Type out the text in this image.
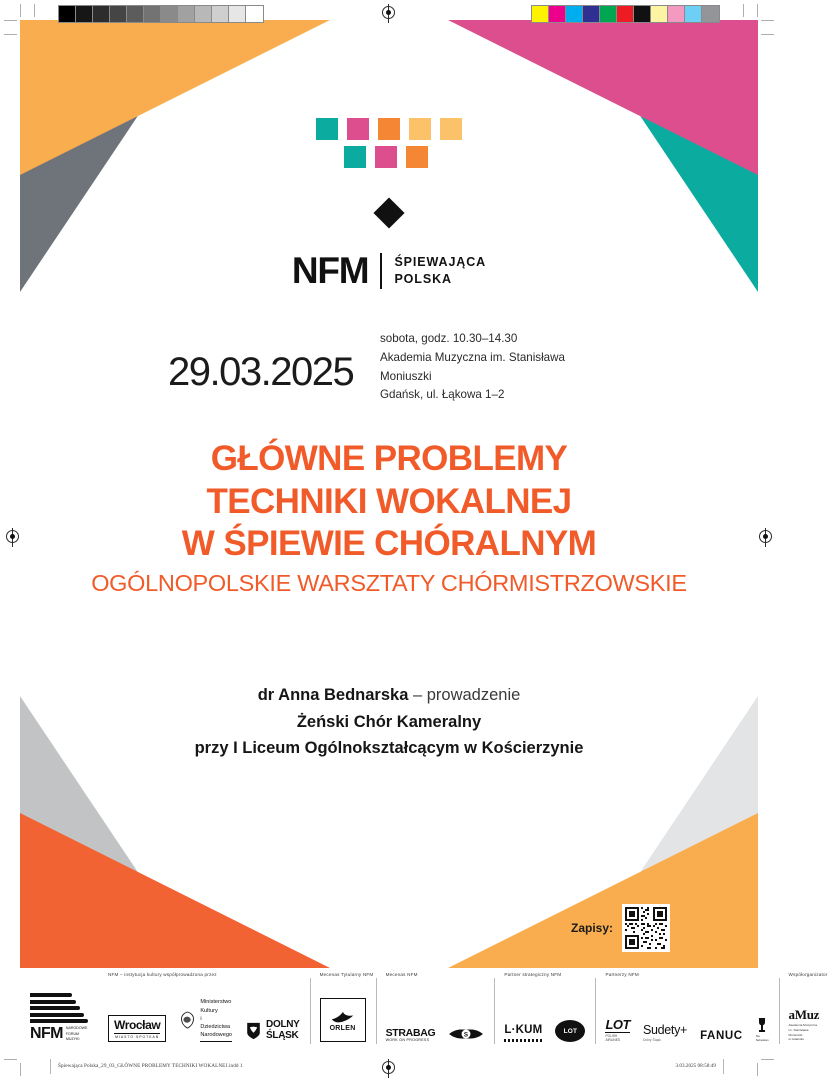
NFM ŚPIEWAJĄCA
POLSKA
29.03.2025
sobota, godz. 10.30–14.30
Akademia Muzyczna im. Stanisława Moniuszki
Gdańsk, ul. Łąkowa 1–2
GŁÓWNE PROBLEMY
TECHNIKI WOKALNEJ
W ŚPIEWIE CHÓRALNYM
OGÓLNOPOLSKIE WARSZTATY CHÓRMISTRZOWSKIE
dr Anna Bednarska – prowadzenie
Żeński Chór Kameralny
przy I Liceum Ogólnokształcącym w Kościerzynie
Zapisy:
NFM NARODOWE
FORUM
MUZYKI
NFM – instytucja kultury współprowadzona przez
Wrocław
MIASTO SPOTKAŃ
Ministerstwo Kultury
i Dziedzictwa Narodowego
DOLNY
ŚLĄSK
Mecenas Tytularny NFM
ORLEN
Mecenas NFM
STRABAG
WORK ON PROGRESS
S
Partner strategiczny NFM
L·KUM	LOT
Partnerzy NFM
LOT
POLISH AIRLINES
Sudety+
Dolny Śląsk	FANUC	Sw. Sebastian
Współorganizator
aMuz
Akademia Muzyczna
im. Stanisława Moniuszki
w Gdańsku
Śpiewająca Polska_29_03_GŁÓWNE PROBLEMY TECHNIKI WOKALNEJ.indd 1	3.03.2025 08:58:49
